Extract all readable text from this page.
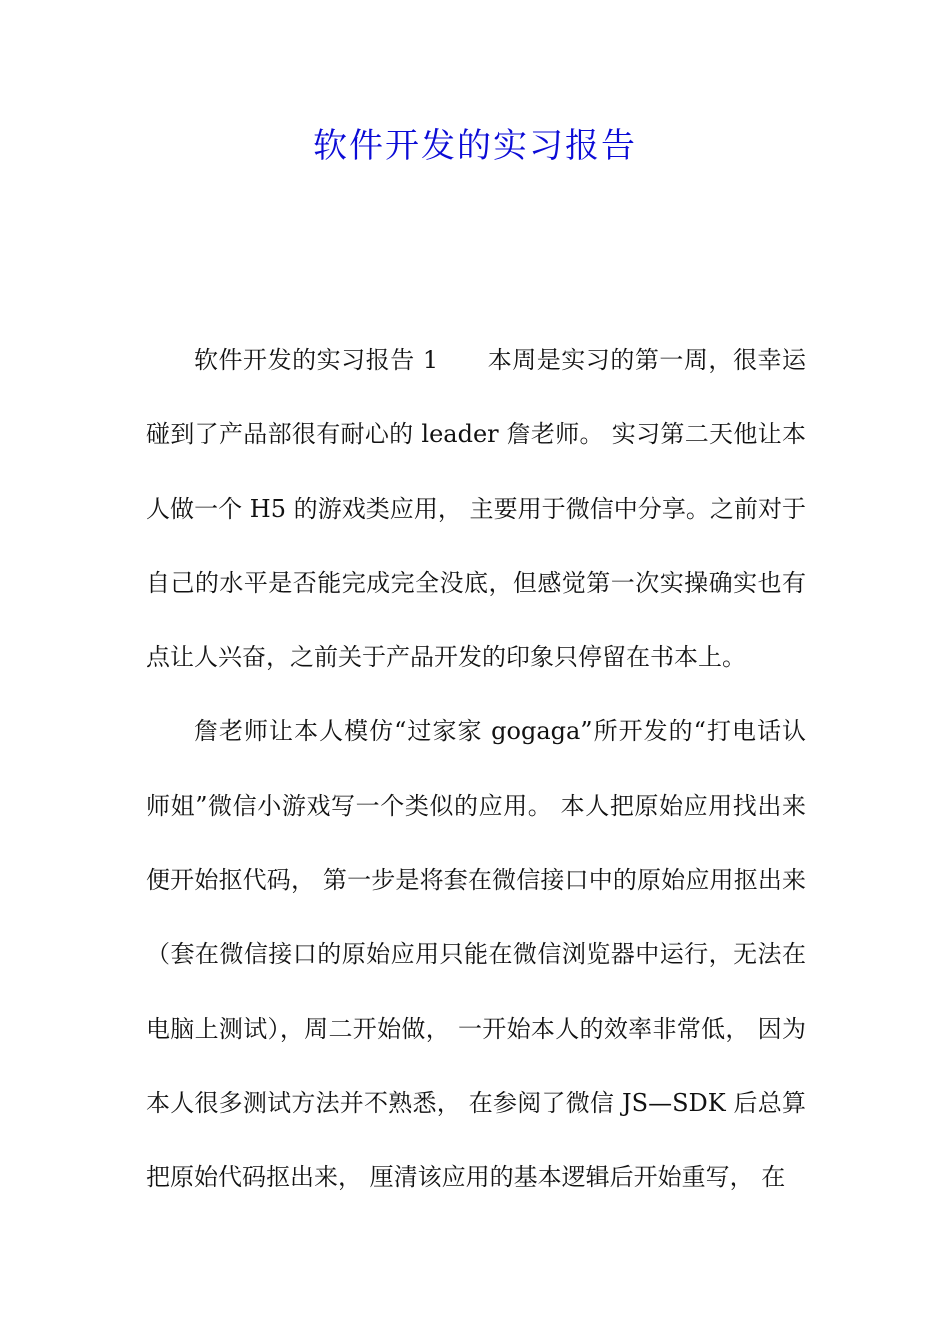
软件开发的实习报告

软件开发的实习报告 1　　本周是实习的第一周，很幸运碰到了产品部很有耐心的 leader 詹老师。 实习第二天他让本人做一个 H5 的游戏类应用， 主要用于微信中分享。之前对于自己的水平是否能完成完全没底，但感觉第一次实操确实也有点让人兴奋，之前关于产品开发的印象只停留在书本上。

詹老师让本人模仿“过家家 gogaga”所开发的“打电话认师姐”微信小游戏写一个类似的应用。 本人把原始应用找出来便开始抠代码， 第一步是将套在微信接口中的原始应用抠出来（套在微信接口的原始应用只能在微信浏览器中运行，无法在电脑上测试），周二开始做， 一开始本人的效率非常低， 因为本人很多测试方法并不熟悉， 在参阅了微信 JS—SDK 后总算把原始代码抠出来， 厘清该应用的基本逻辑后开始重写， 在
